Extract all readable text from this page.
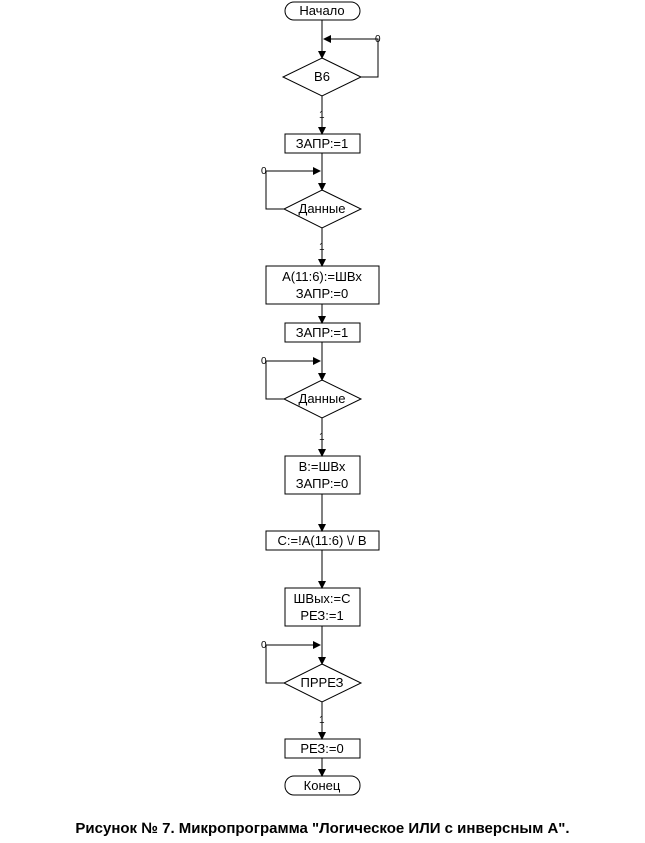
Начало
В6
ЗАПР:=1
Данные
A(11:6):=ШВх
ЗАПР:=0
ЗАПР:=1
Данные
B:=ШВх
ЗАПР:=0
C:=!A(11:6) \/ B
ШВых:=C
РЕЗ:=1
ПРРЕЗ
РЕЗ:=0
Конец
0
0
0
0
1
1
1
1
Рисунок № 7. Микропрограмма "Логическое ИЛИ с инверсным А".
